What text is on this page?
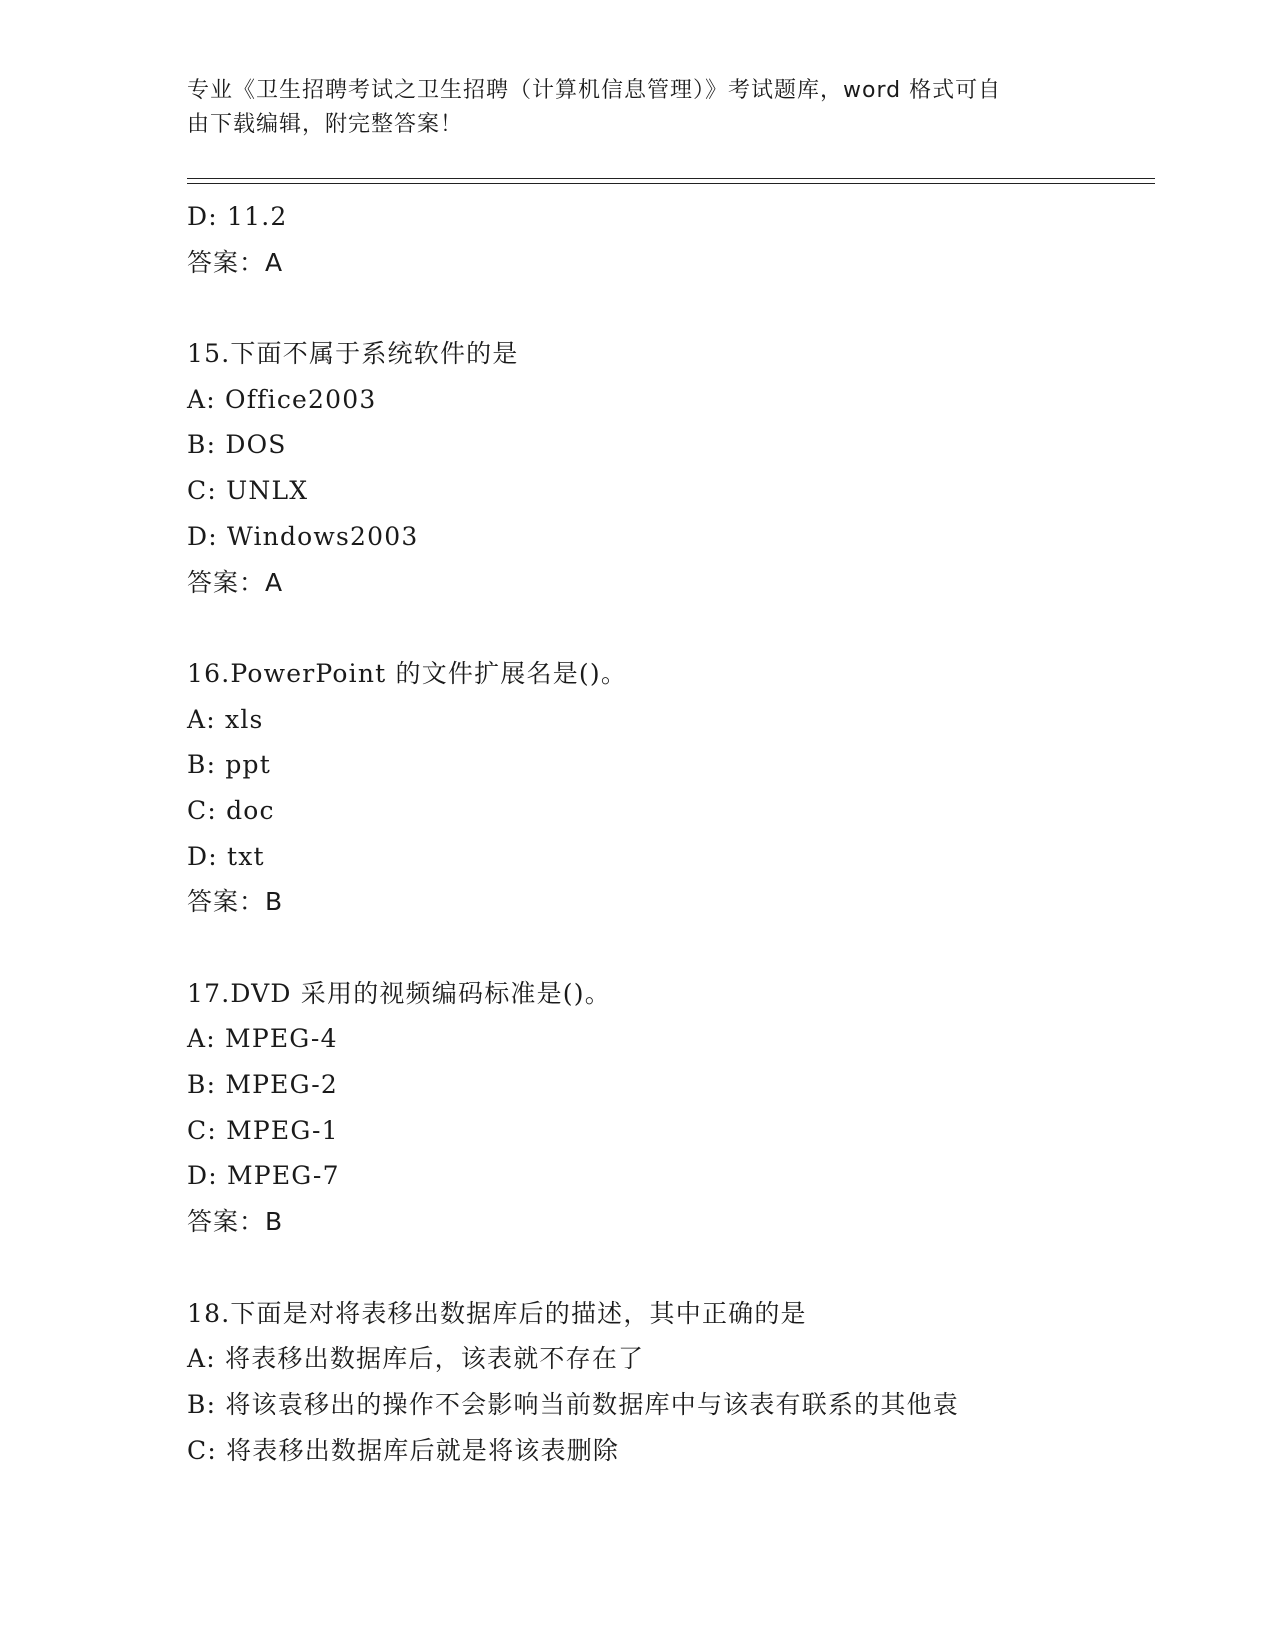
专业《卫生招聘考试之卫生招聘（计算机信息管理）》考试题库，word 格式可自
由下载编辑，附完整答案！
D: 11.2
答案：A
15.下面不属于系统软件的是
A: Office2003
B: DOS
C: UNLX
D: Windows2003
答案：A
16.PowerPoint 的文件扩展名是()。
A: xls
B: ppt
C: doc
D: txt
答案：B
17.DVD 采用的视频编码标准是()。
A: MPEG-4
B: MPEG-2
C: MPEG-1
D: MPEG-7
答案：B
18.下面是对将表移出数据库后的描述，其中正确的是
A: 将表移出数据库后，该表就不存在了
B: 将该袁移出的操作不会影响当前数据库中与该表有联系的其他袁
C: 将表移出数据库后就是将该表删除
